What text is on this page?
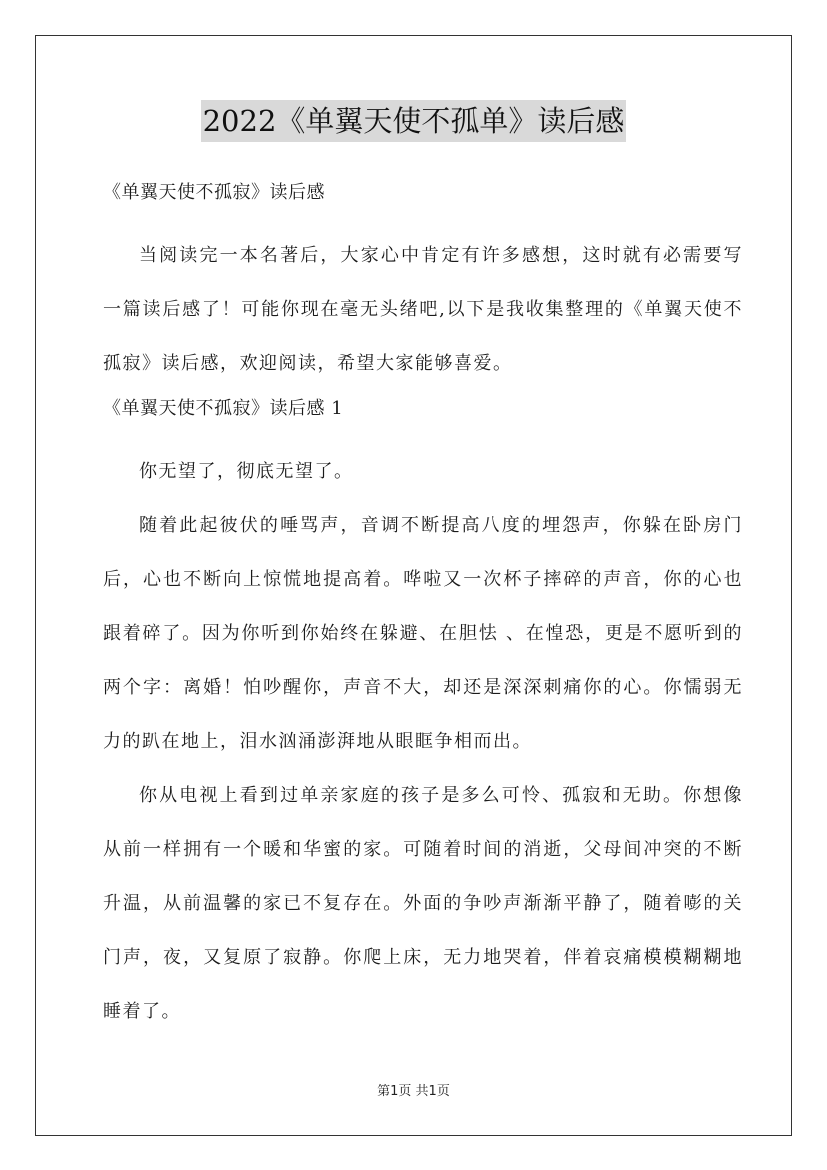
2022《单翼天使不孤单》读后感

《单翼天使不孤寂》读后感

当阅读完一本名著后，大家心中肯定有许多感想，这时就有必需要写一篇读后感了！可能你现在毫无头绪吧,以下是我收集整理的《单翼天使不孤寂》读后感，欢迎阅读，希望大家能够喜爱。

《单翼天使不孤寂》读后感 1

你无望了，彻底无望了。

随着此起彼伏的唾骂声，音调不断提高八度的埋怨声，你躲在卧房门后，心也不断向上惊慌地提高着。哗啦又一次杯子摔碎的声音，你的心也跟着碎了。因为你听到你始终在躲避、在胆怯 、在惶恐，更是不愿听到的两个字：离婚！怕吵醒你，声音不大，却还是深深刺痛你的心。你懦弱无力的趴在地上，泪水汹涌澎湃地从眼眶争相而出。

你从电视上看到过单亲家庭的孩子是多么可怜、孤寂和无助。你想像从前一样拥有一个暖和华蜜的家。可随着时间的消逝，父母间冲突的不断升温，从前温馨的家已不复存在。外面的争吵声渐渐平静了，随着嘭的关门声，夜，又复原了寂静。你爬上床，无力地哭着，伴着哀痛模模糊糊地睡着了。

第1页 共1页
